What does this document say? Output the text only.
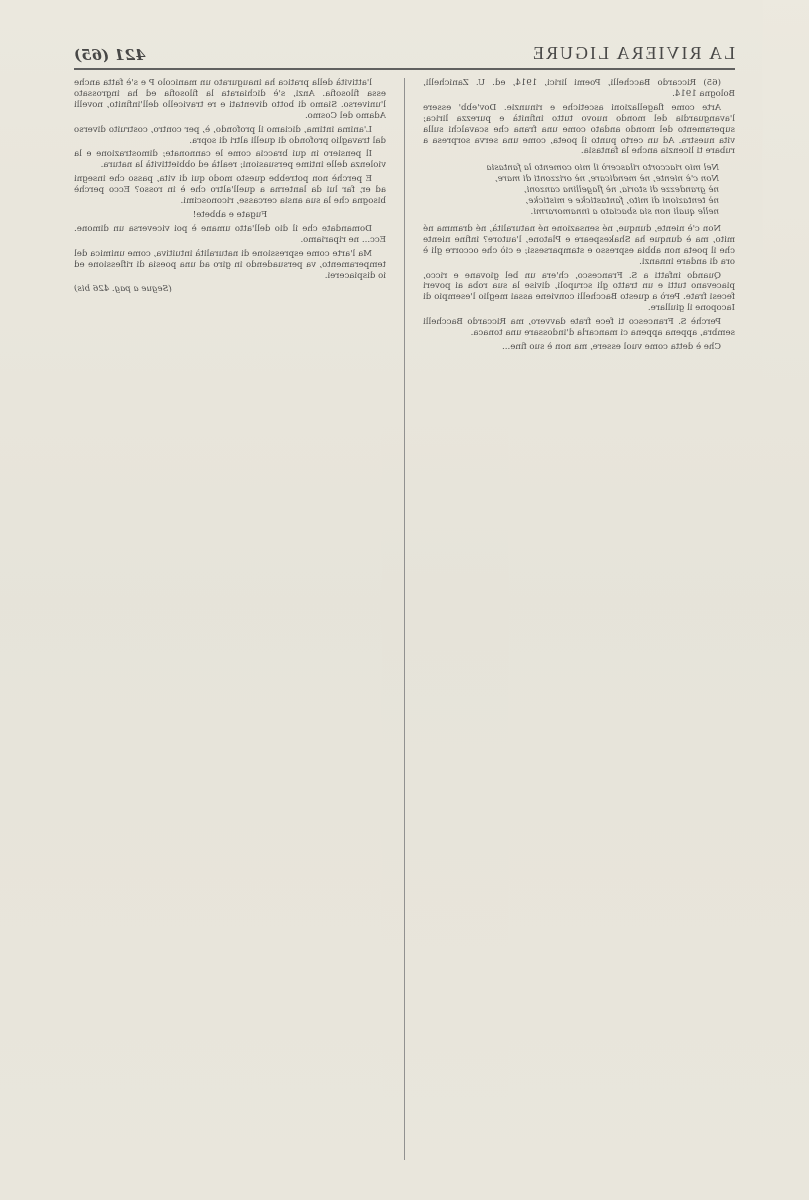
LA RIVIERA LIGURE
421 (65)

(65) Riccardo Bacchelli, Poemi lirici, 1914, ed. U. Zanichelli, Bologna 1914.

Arte come flagellazioni ascetiche e rinunzie. Dov'ebb' essere l'avanguardia del mondo nuovo tutto infinità e purezza lirica; superamento del mondo andato come una frana che scavalchi sulla vita nuestra. Ad un certo punto il poeta, come una serva sorpresa a rubare ti licenzia anche la fantasia.

Nel mio riaccorto rilascerò il mio comento la fantasia
Non c'è niente, nè mendicare, nè orizzonti di mare,
nè grandezze di storia, nè flagellina canzoni,
nè tentazioni di mito, fantasticke e misticke,
nelle quali non sia sbaciato a innamorarmi.

Non c'è niente, dunque, né sensazione né naturalità, né dramma né mito, ma è dunque ha Shakespeare e Platone, l'autore? infine niente che il poeta non abbia espresso e stamparsessi; e ciò che occorre gli è ora di andare innanzi.

Quando infatti a S. Francesco, ch'era un bel giovane e ricco, piacevano tutti e un tratto gli scrupoli, divise la sua roba ai poveri fecesi frate. Però a questo Bacchelli conviene assai meglio l'esempio di Iacopone il giullare.

Perchè S. Francesco ti fece frate davvero, ma Riccardo Bacchelli sembra, appena appena ci mancarla d'indossare una tonaca.

Che è detta come vuol essere, ma non è suo fine...

l'attività della pratica ha inaugurato un manicolo P e s'è fatta anche essa filosofia. Anzi, s'è dichiarata la filosofia ed ha ingrossato l'universo. Siamo di botto diventati e re travicello dell'infinito, novelli Adamo del Cosmo.

L'anima intima, diciamo il profondo, è, per contro, costruito diverso dal travaglio profondo di quelli altri di sopra.

Il pensiero in qui braccia come le cannonate; dimostrazione e la violenza delle intime persuasioni; realtà ed obbiettività la natura.

E perchè non potrebbe questo modo qui di vita, passo che insegni ad er, far lui da lanterna a quell'altro che è in rosso? Ecco perchè bisogna che la sua ansia cercasse, riconoscimi.

Fugate e abbete!

Domandate che il dio dell'atto umane è poi viceversa un dimone. Ecc... ne ripariamo.

Ma l'arte come espressione di naturalità intuitiva, come unimica del temperamento, va persuadendo in giro ad una poesia di riflessione ed io dispiacerei.

(Segue a pag. 426 bis)
